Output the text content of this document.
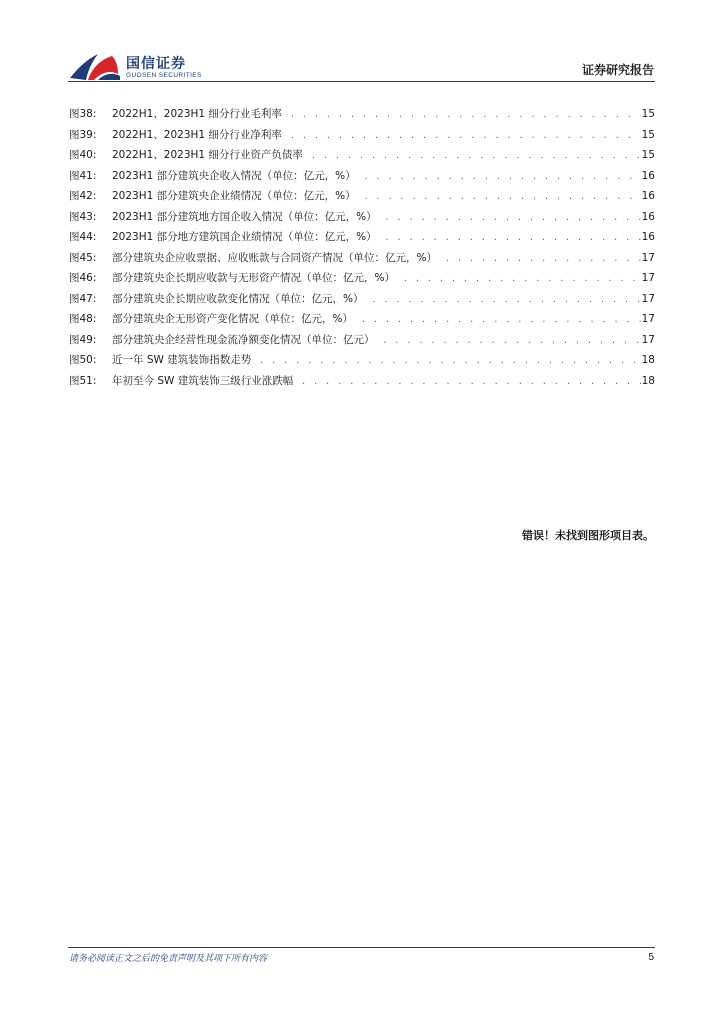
国信证券
GUOSEN SECURITIES	证券研究报告
图38:	2022H1、2023H1 细分行业毛利率 . . .	15
图39:	2022H1、2023H1 细分行业净利率 . . .	15
图40:	2022H1、2023H1 细分行业资产负债率 . . .	15
图41:	2023H1 部分建筑央企收入情况（单位：亿元，%） . . .	16
图42:	2023H1 部分建筑央企业绩情况（单位：亿元，%） . . .	16
图43:	2023H1 部分建筑地方国企收入情况（单位：亿元，%） . . .	16
图44:	2023H1 部分地方建筑国企业绩情况（单位：亿元，%） . . .	16
图45:	部分建筑央企应收票据、应收账款与合同资产情况（单位：亿元，%） . . .	17
图46:	部分建筑央企长期应收款与无形资产情况（单位：亿元，%） . . .	17
图47:	部分建筑央企长期应收款变化情况（单位：亿元，%） . . .	17
图48:	部分建筑央企无形资产变化情况（单位：亿元，%） . . .	17
图49:	部分建筑央企经营性现金流净额变化情况（单位：亿元） . . .	17
图50:	近一年 SW 建筑装饰指数走势 . . .	18
图51:	年初至今 SW 建筑装饰三级行业涨跌幅 . . .	18
错误！未找到图形项目表。
请务必阅读正文之后的免责声明及其项下所有内容	5
